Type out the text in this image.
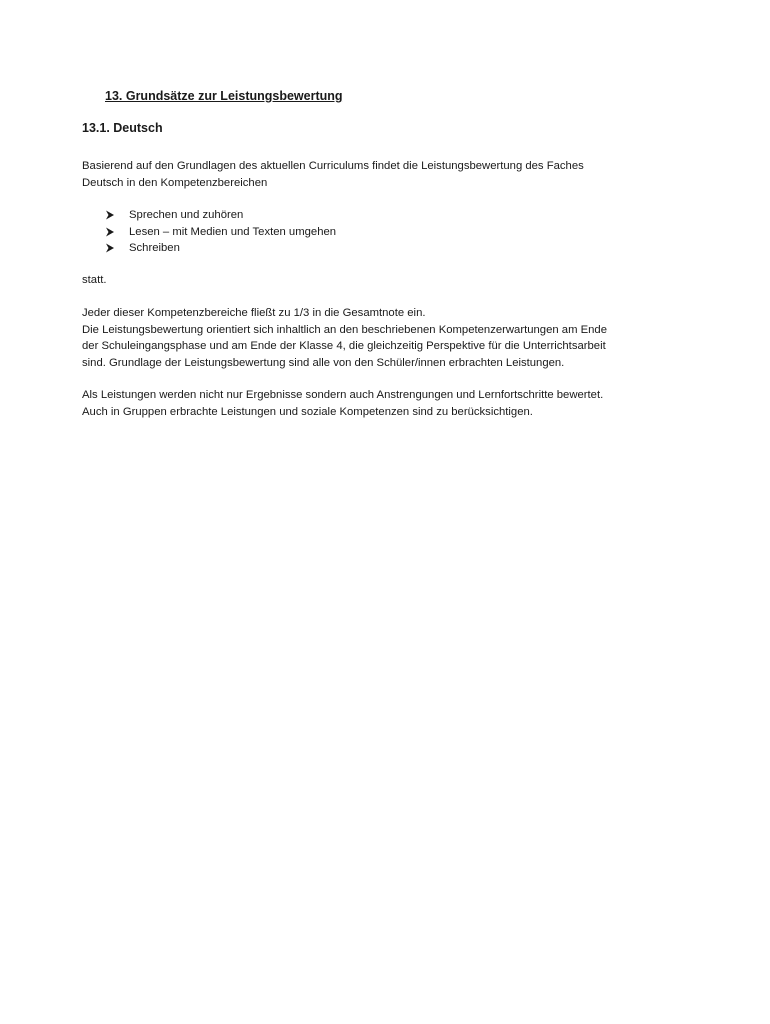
13. Grundsätze zur Leistungsbewertung
13.1. Deutsch

Basierend auf den Grundlagen des aktuellen Curriculums findet die Leistungsbewertung des Faches

Deutsch in den Kompetenzbereichen

Sprechen und zuhören
Lesen – mit Medien und Texten umgehen
Schreiben

statt.

Jeder dieser Kompetenzbereiche fließt zu 1/3 in die Gesamtnote ein.

Die Leistungsbewertung orientiert sich inhaltlich an den beschriebenen Kompetenzerwartungen am Ende

der Schuleingangsphase und am Ende der Klasse 4, die gleichzeitig Perspektive für die Unterrichtsarbeit

sind. Grundlage der Leistungsbewertung sind alle von den Schüler/innen erbrachten Leistungen.

Als Leistungen werden nicht nur Ergebnisse sondern auch Anstrengungen und Lernfortschritte bewertet.

Auch in Gruppen erbrachte Leistungen und soziale Kompetenzen sind zu berücksichtigen.
